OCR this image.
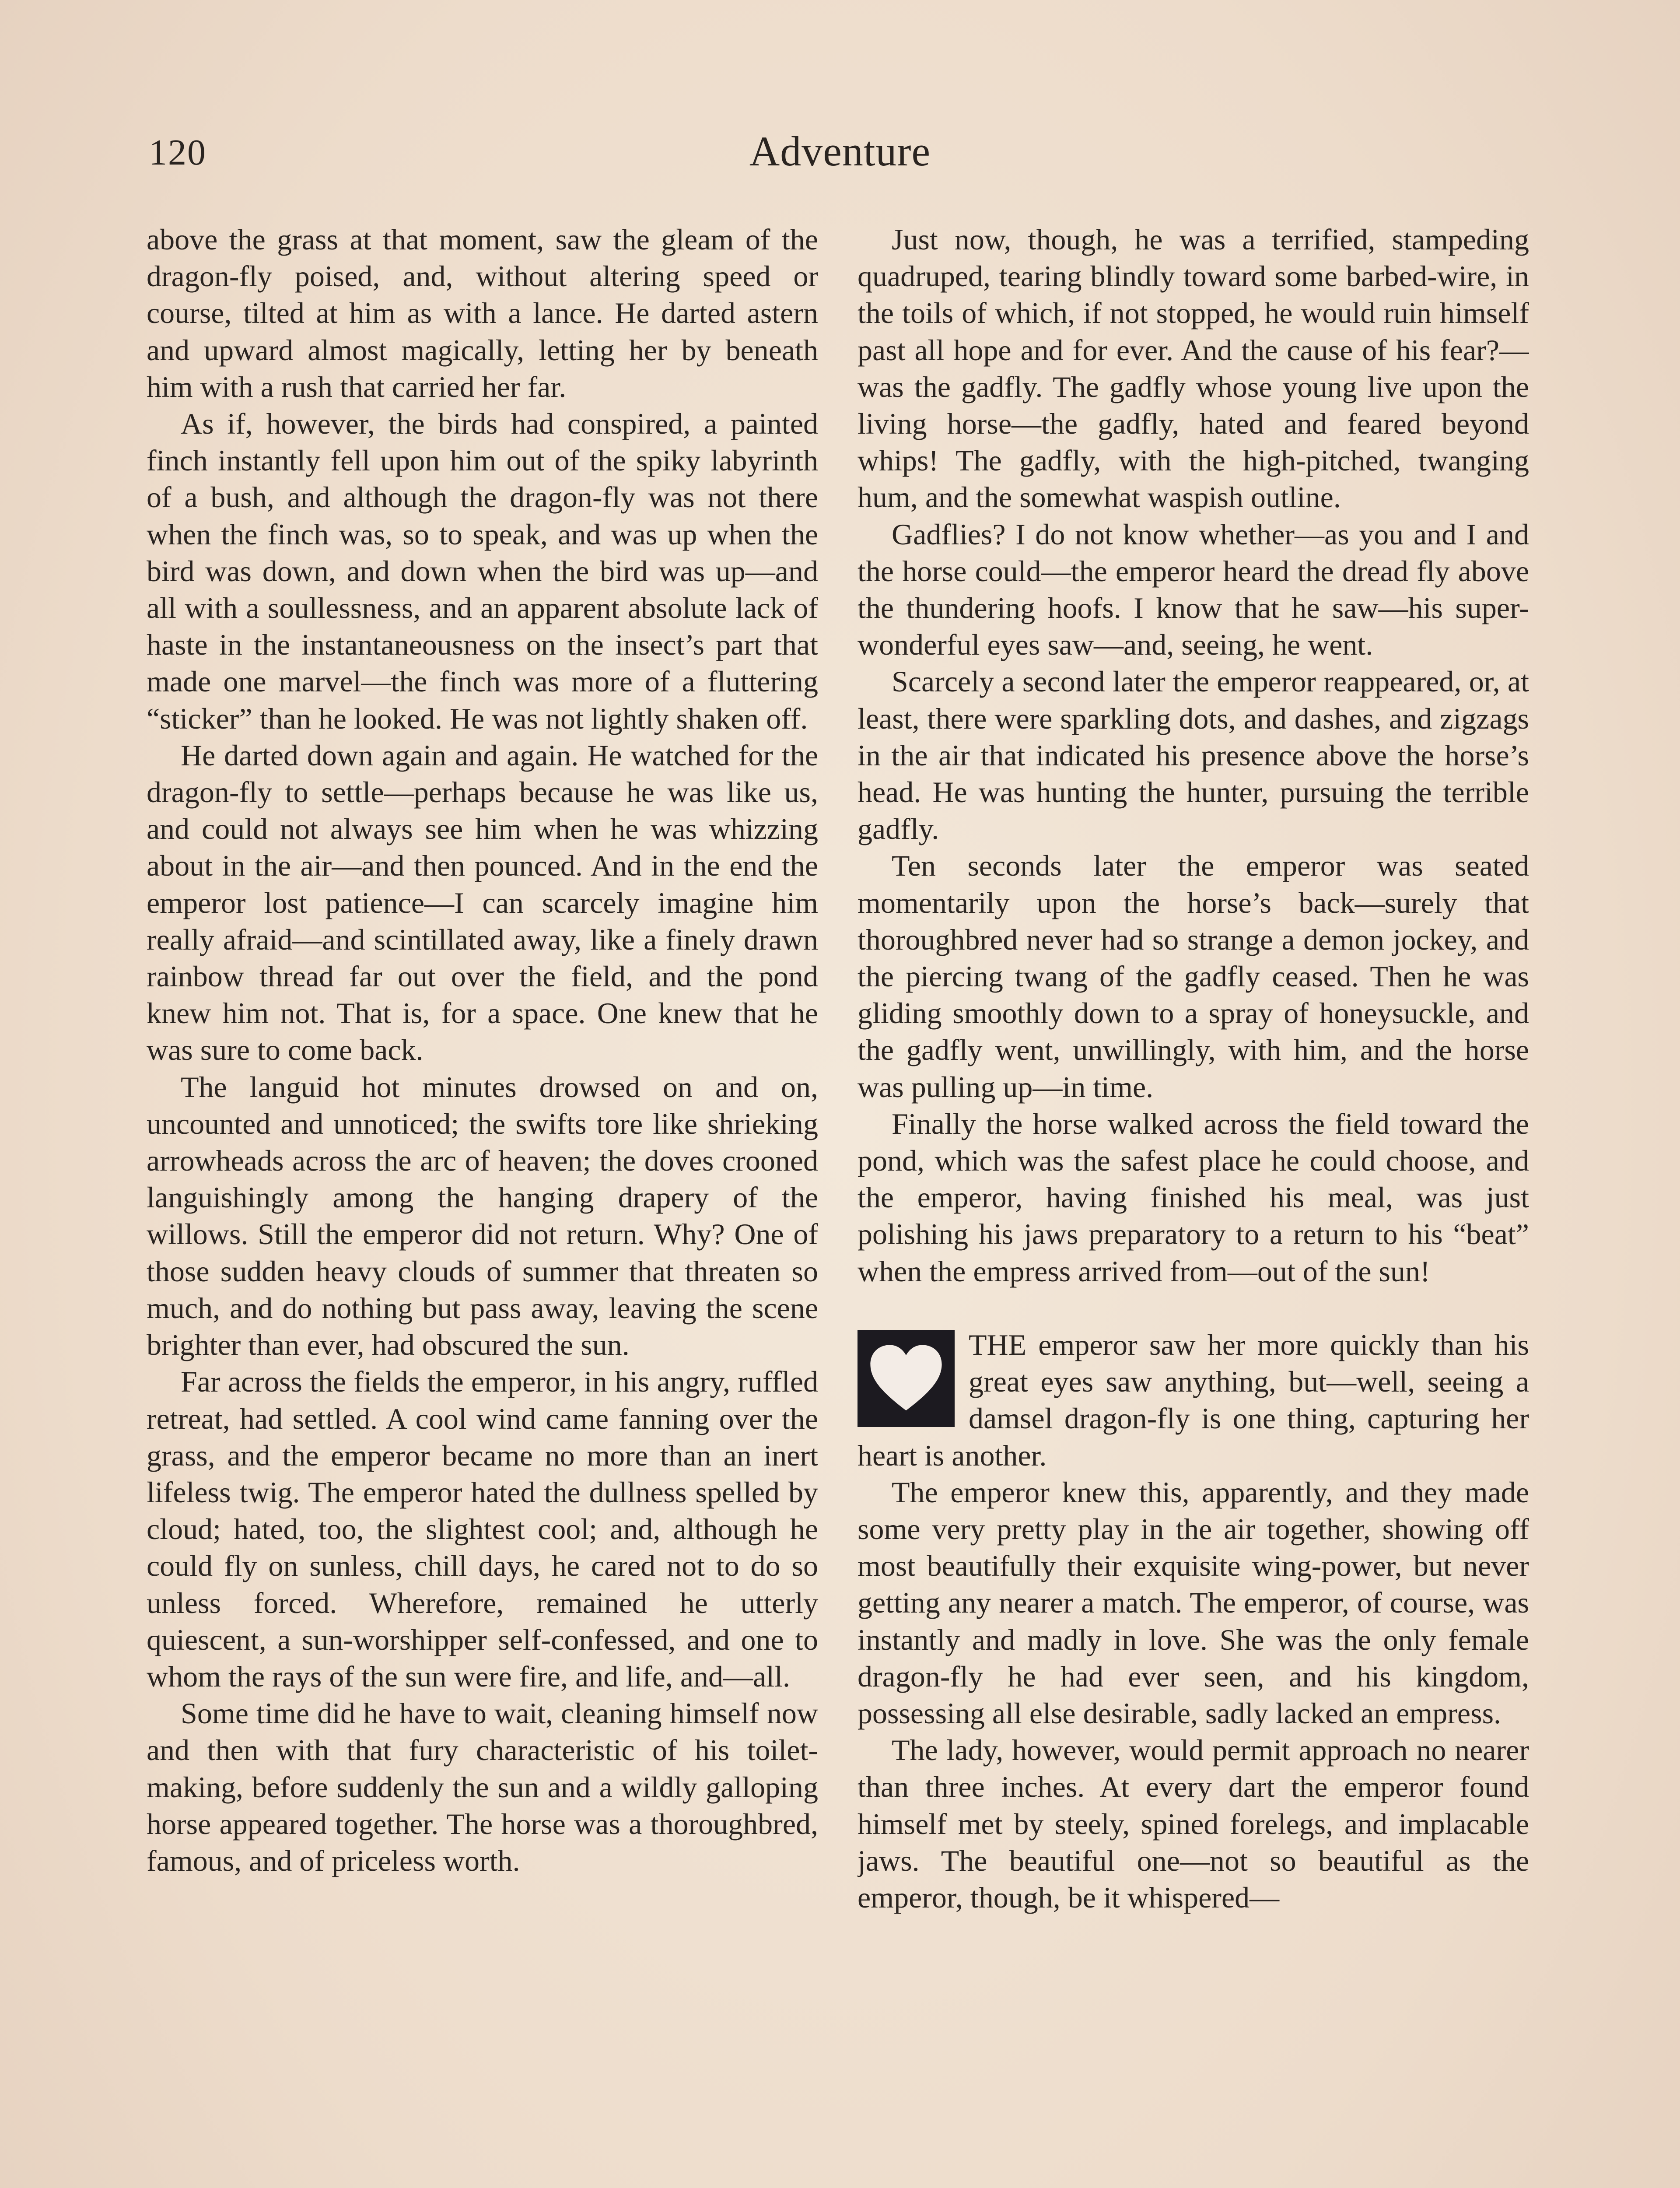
120	Adventure

above the grass at that moment, saw the gleam of the dragon-fly poised, and, without altering speed or course, tilted at him as with a lance. He darted astern and upward almost magically, letting her by beneath him with a rush that carried her far.

As if, however, the birds had conspired, a painted finch instantly fell upon him out of the spiky labyrinth of a bush, and although the dragon-fly was not there when the finch was, so to speak, and was up when the bird was down, and down when the bird was up—and all with a soullessness, and an apparent absolute lack of haste in the instantaneousness on the insect’s part that made one marvel—the finch was more of a fluttering “sticker” than he looked. He was not lightly shaken off.

He darted down again and again. He watched for the dragon-fly to settle—perhaps because he was like us, and could not always see him when he was whizzing about in the air—and then pounced. And in the end the emperor lost patience—I can scarcely imagine him really afraid—and scintillated away, like a finely drawn rainbow thread far out over the field, and the pond knew him not. That is, for a space. One knew that he was sure to come back.

The languid hot minutes drowsed on and on, uncounted and unnoticed; the swifts tore like shrieking arrowheads across the arc of heaven; the doves crooned languishingly among the hanging drapery of the willows. Still the emperor did not return. Why? One of those sudden heavy clouds of summer that threaten so much, and do nothing but pass away, leaving the scene brighter than ever, had obscured the sun.

Far across the fields the emperor, in his angry, ruffled retreat, had settled. A cool wind came fanning over the grass, and the emperor became no more than an inert lifeless twig. The emperor hated the dullness spelled by cloud; hated, too, the slightest cool; and, although he could fly on sunless, chill days, he cared not to do so unless forced. Wherefore, remained he utterly quiescent, a sun-worshipper self-confessed, and one to whom the rays of the sun were fire, and life, and—all.

Some time did he have to wait, cleaning himself now and then with that fury characteristic of his toilet-making, before suddenly the sun and a wildly galloping horse appeared together. The horse was a thoroughbred, famous, and of priceless worth.

Just now, though, he was a terrified, stampeding quadruped, tearing blindly toward some barbed-wire, in the toils of which, if not stopped, he would ruin himself past all hope and for ever. And the cause of his fear?—was the gadfly. The gadfly whose young live upon the living horse—the gadfly, hated and feared beyond whips! The gadfly, with the high-pitched, twanging hum, and the somewhat waspish outline.

Gadflies? I do not know whether—as you and I and the horse could—the emperor heard the dread fly above the thundering hoofs. I know that he saw—his super-wonderful eyes saw—and, seeing, he went.

Scarcely a second later the emperor reappeared, or, at least, there were sparkling dots, and dashes, and zigzags in the air that indicated his presence above the horse’s head. He was hunting the hunter, pursuing the terrible gadfly.

Ten seconds later the emperor was seated momentarily upon the horse’s back—surely that thoroughbred never had so strange a demon jockey, and the piercing twang of the gadfly ceased. Then he was gliding smoothly down to a spray of honeysuckle, and the gadfly went, unwillingly, with him, and the horse was pulling up—in time.

Finally the horse walked across the field toward the pond, which was the safest place he could choose, and the emperor, having finished his meal, was just polishing his jaws preparatory to a return to his “beat” when the empress arrived from—out of the sun!

THE emperor saw her more quickly than his great eyes saw anything, but—well, seeing a damsel dragon-fly is one thing, capturing her heart is another.

The emperor knew this, apparently, and they made some very pretty play in the air together, showing off most beautifully their exquisite wing-power, but never getting any nearer a match. The emperor, of course, was instantly and madly in love. She was the only female dragon-fly he had ever seen, and his kingdom, possessing all else desirable, sadly lacked an empress.

The lady, however, would permit approach no nearer than three inches. At every dart the emperor found himself met by steely, spined forelegs, and implacable jaws. The beautiful one—not so beautiful as the emperor, though, be it whispered—
